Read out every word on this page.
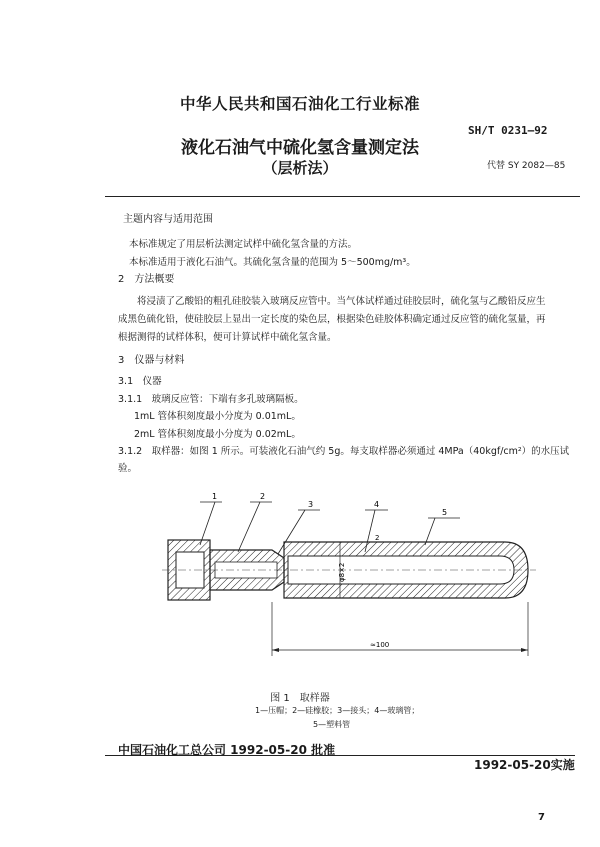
中华人民共和国石油化工行业标准
SH/T 0231—92
液化石油气中硫化氢含量测定法
（层析法）	代替 SY 2082—85
主题内容与适用范围
本标准规定了用层析法测定试样中硫化氢含量的方法。
本标准适用于液化石油气。其硫化氢含量的范围为 5～500mg/m³。
2　方法概要
将浸渍了乙酸铅的粗孔硅胶装入玻璃反应管中。当气体试样通过硅胶层时，硫化氢与乙酸铅反应生
成黑色硫化铅，使硅胶层上显出一定长度的染色层，根据染色硅胶体积确定通过反应管的硫化氢量，再
根据测得的试样体积，便可计算试样中硫化氢含量。
3　仪器与材料
3.1　仪器
3.1.1　玻璃反应管：下端有多孔玻璃隔板。
1mL 管体积刻度最小分度为 0.01mL。
2mL 管体积刻度最小分度为 0.02mL。
3.1.2　取样器：如图 1 所示。可装液化石油气约 5g。每支取样器必须通过 4MPa（40kgf/cm²）的水压试
验。
φ8×2
2
1	2
3	4
5
≈100
图 1　取样器
1—压帽；2—硅橡胶；3—接头；4—玻璃管；
5—塑料管
中国石油化工总公司 1992-05-20 批准
1992-05-20实施
7
